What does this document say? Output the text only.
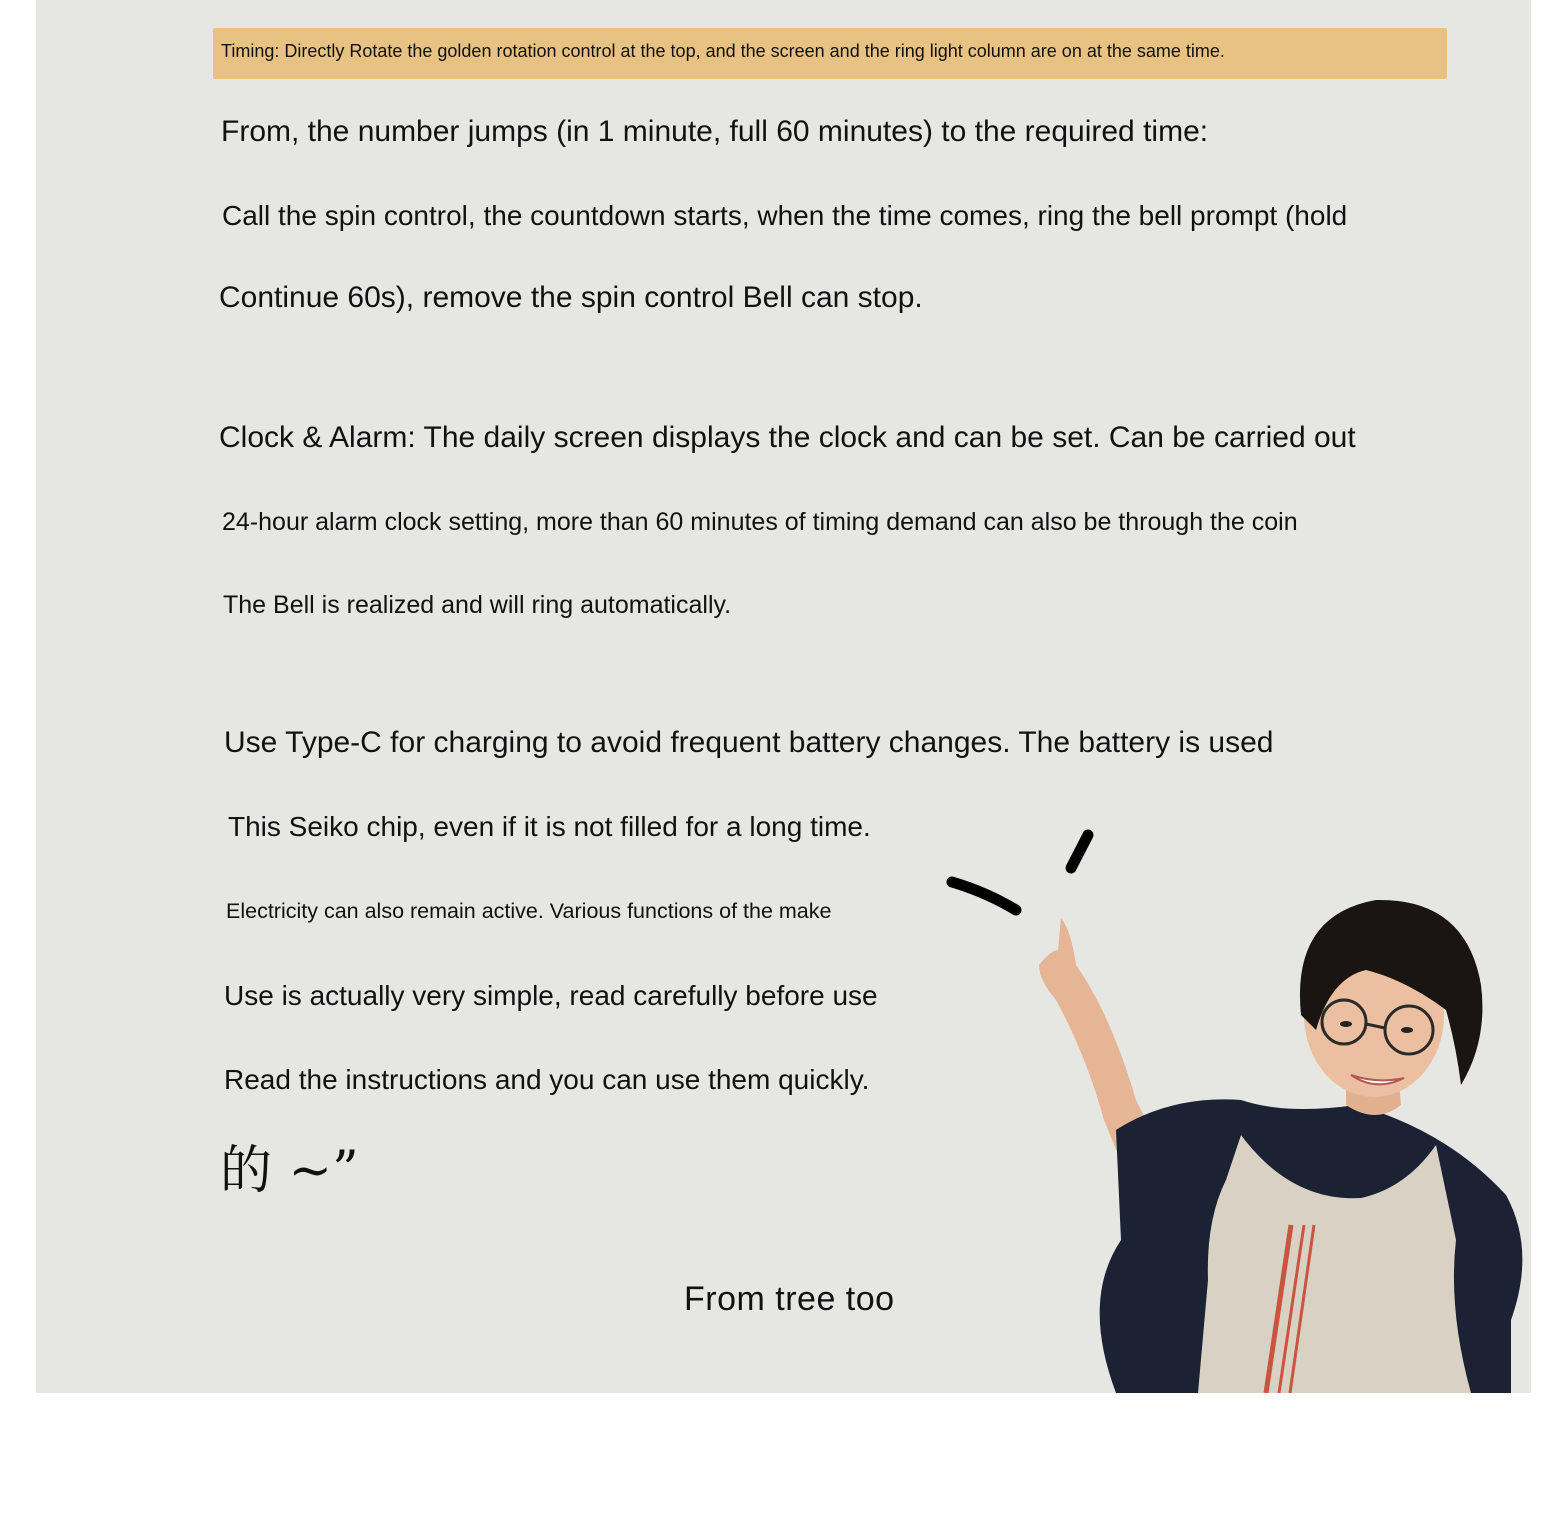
Timing: Directly Rotate the golden rotation control at the top, and the screen and the ring light column are on at the same time.
From, the number jumps (in 1 minute, full 60 minutes) to the required time:
Call the spin control, the countdown starts, when the time comes, ring the bell prompt (hold
Continue 60s), remove the spin control Bell can stop.
Clock & Alarm: The daily screen displays the clock and can be set. Can be carried out
24-hour alarm clock setting, more than 60 minutes of timing demand can also be through the coin
The Bell is realized and will ring automatically.
Use Type-C for charging to avoid frequent battery changes. The battery is used
This Seiko chip, even if it is not filled for a long time.
Electricity can also remain active. Various functions of the make
Use is actually very simple, read carefully before use
Read the instructions and you can use them quickly.
的 ~”
From tree too
